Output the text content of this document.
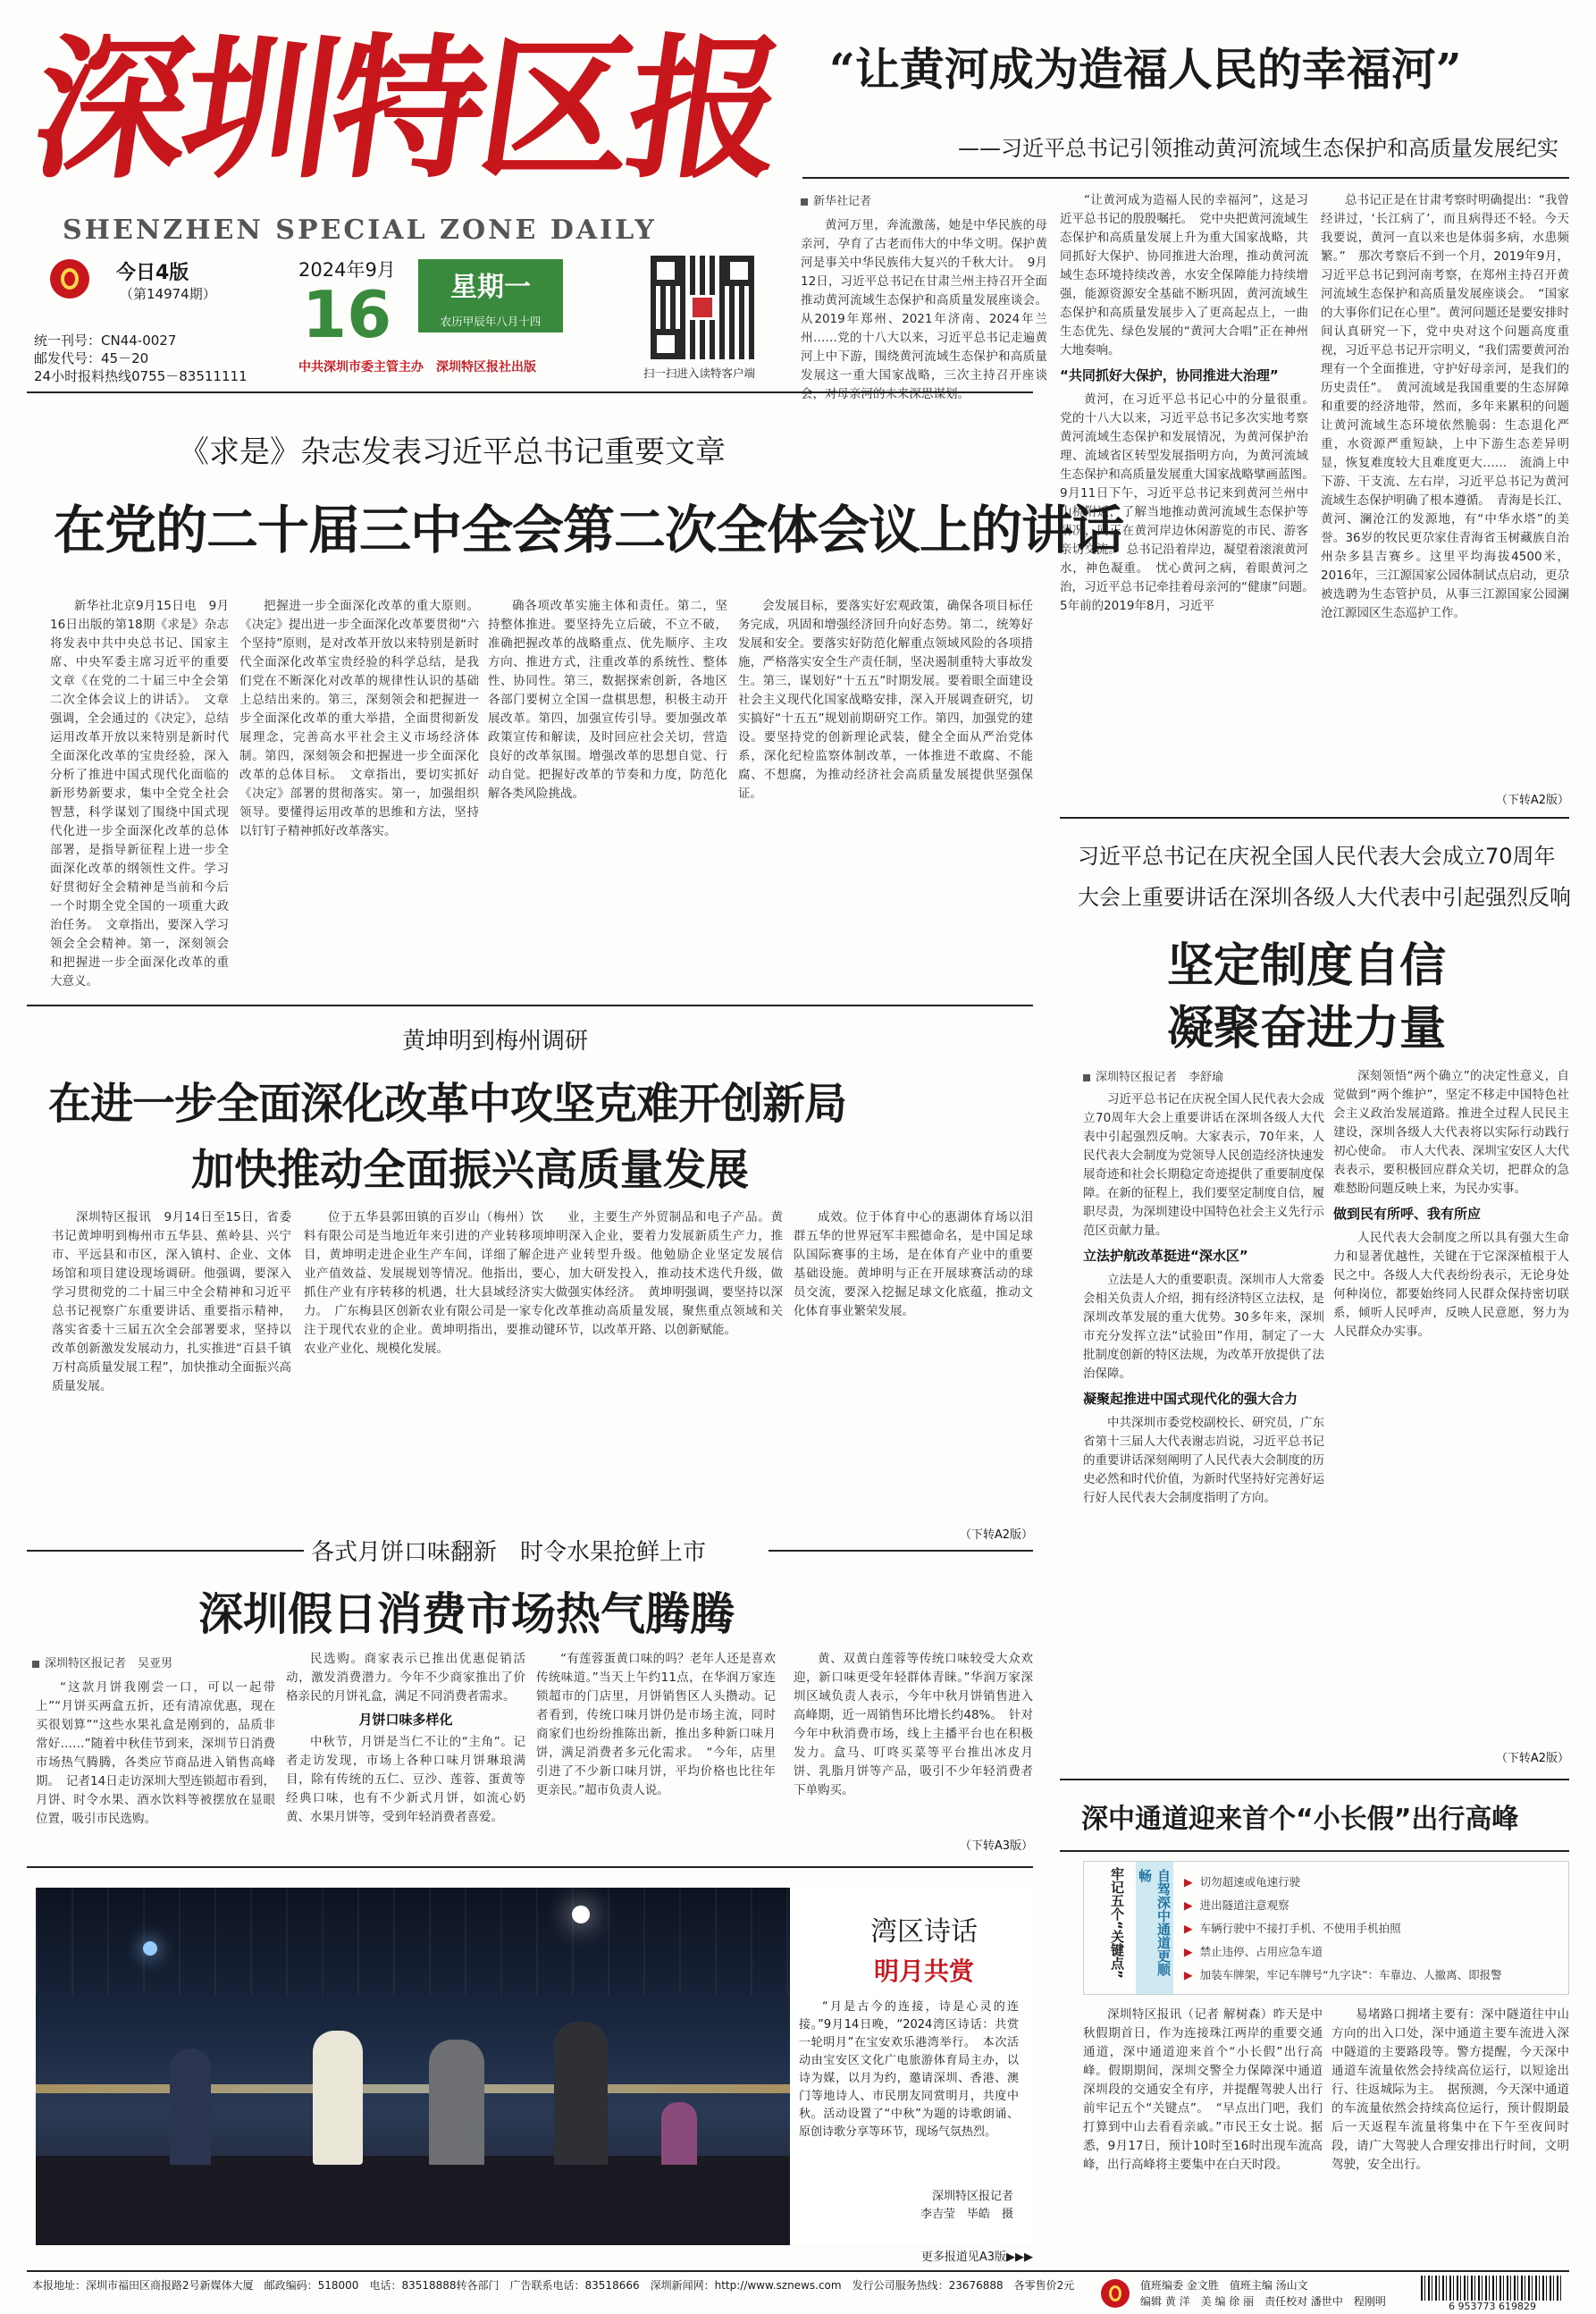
深圳特区报
SHENZHEN SPECIAL ZONE DAILY
今日4版
（第14974期）
统一刊号：CN44-0027
邮发代号：45－20
24小时报料热线0755－83511111
2024年9月
16	星期一
农历甲辰年八月十四
中共深圳市委主管主办　深圳特区报社出版	扫一扫进入读特客户端
“让黄河成为造福人民的幸福河”
——习近平总书记引领推动黄河流域生态保护和高质量发展纪实
新华社记者

黄河万里，奔流激荡，她是中华民族的母亲河，孕育了古老而伟大的中华文明。保护黄河是事关中华民族伟大复兴的千秋大计。　9月12日，习近平总书记在甘肃兰州主持召开全面推动黄河流域生态保护和高质量发展座谈会。从2019年郑州、2021年济南、2024年兰州……党的十八大以来，习近平总书记走遍黄河上中下游，围绕黄河流域生态保护和高质量发展这一重大国家战略，三次主持召开座谈会，对母亲河的未来深思谋划。

“让黄河成为造福人民的幸福河”，这是习近平总书记的殷殷嘱托。　党中央把黄河流域生态保护和高质量发展上升为重大国家战略，共同抓好大保护、协同推进大治理，推动黄河流域生态环境持续改善，水安全保障能力持续增强，能源资源安全基础不断巩固，黄河流域生态保护和高质量发展步入了更高起点上，一曲生态优先、绿色发展的“黄河大合唱”正在神州大地奏响。

“共同抓好大保护，协同推进大治理”

黄河，在习近平总书记心中的分量很重。　党的十八大以来，习近平总书记多次实地考察黄河流域生态保护和发展情况，为黄河保护治理、流域省区转型发展指明方向，为黄河流域生态保护和高质量发展重大国家战略擘画蓝图。　9月11日下午，习近平总书记来到黄河兰州中山桥附近，了解当地推动黄河流域生态保护等情况，同正在黄河岸边休闲游览的市民、游客亲切交流。　总书记沿着岸边，凝望着滚滚黄河水，神色凝重。　忧心黄河之病，着眼黄河之治，习近平总书记牵挂着母亲河的“健康”问题。　5年前的2019年8月，习近平

总书记正是在甘肃考察时明确提出：“我曾经讲过，‘长江病了’，而且病得还不轻。今天我要说，黄河一直以来也是体弱多病，水患频繁。”　那次考察后不到一个月，2019年9月，习近平总书记到河南考察，在郑州主持召开黄河流域生态保护和高质量发展座谈会。　“国家的大事你们记在心里”。黄河问题还是要安排时间认真研究一下，党中央对这个问题高度重视，习近平总书记开宗明义，“我们需要黄河治理有一个全面推进，守护好母亲河，是我们的历史责任”。　黄河流域是我国重要的生态屏障和重要的经济地带，然而，多年来累积的问题让黄河流域生态环境依然脆弱：生态退化严重，水资源严重短缺，上中下游生态差异明显，恢复难度较大且难度更大……　流淌上中下游、干支流、左右岸，习近平总书记为黄河流域生态保护明确了根本遵循。　青海是长江、黄河、澜沧江的发源地，有“中华水塔”的美誉。36岁的牧民更尕家住青海省玉树藏族自治州杂多县吉赛乡。这里平均海拔4500米，2016年，三江源国家公园体制试点启动，更尕被选聘为生态管护员，从事三江源国家公园澜沧江源园区生态巡护工作。

（下转A2版）
《求是》杂志发表习近平总书记重要文章
在党的二十届三中全会第二次全体会议上的讲话

新华社北京9月15日电　9月16日出版的第18期《求是》杂志将发表中共中央总书记、国家主席、中央军委主席习近平的重要文章《在党的二十届三中全会第二次全体会议上的讲话》。　文章强调，全会通过的《决定》，总结运用改革开放以来特别是新时代全面深化改革的宝贵经验，深入分析了推进中国式现代化面临的新形势新要求，集中全党全社会智慧，科学谋划了围绕中国式现代化进一步全面深化改革的总体部署，是指导新征程上进一步全面深化改革的纲领性文件。学习好贯彻好全会精神是当前和今后一个时期全党全国的一项重大政治任务。　文章指出，要深入学习领会全会精神。第一，深刻领会和把握进一步全面深化改革的重大意义。

把握进一步全面深化改革的重大原则。《决定》提出进一步全面深化改革要贯彻“六个坚持”原则，是对改革开放以来特别是新时代全面深化改革宝贵经验的科学总结，是我们党在不断深化对改革的规律性认识的基础上总结出来的。第三，深刻领会和把握进一步全面深化改革的重大举措，全面贯彻新发展理念，完善高水平社会主义市场经济体制。第四，深刻领会和把握进一步全面深化改革的总体目标。　文章指出，要切实抓好《决定》部署的贯彻落实。第一，加强组织领导。要懂得运用改革的思维和方法，坚持以钉钉子精神抓好改革落实。

确各项改革实施主体和责任。第二，坚持整体推进。要坚持先立后破，不立不破，准确把握改革的战略重点、优先顺序、主攻方向、推进方式，注重改革的系统性、整体性、协同性。第三，数据探索创新，各地区各部门要树立全国一盘棋思想，积极主动开展改革。第四，加强宣传引导。要加强改革政策宣传和解读，及时回应社会关切，营造良好的改革氛围。增强改革的思想自觉、行动自觉。把握好改革的节奏和力度，防范化解各类风险挑战。

会发展目标，要落实好宏观政策，确保各项目标任务完成，巩固和增强经济回升向好态势。第二，统筹好发展和安全。要落实好防范化解重点领域风险的各项措施，严格落实安全生产责任制，坚决遏制重特大事故发生。第三，谋划好“十五五”时期发展。要着眼全面建设社会主义现代化国家战略安排，深入开展调查研究，切实搞好“十五五”规划前期研究工作。第四，加强党的建设。要坚持党的创新理论武装，健全全面从严治党体系，深化纪检监察体制改革，一体推进不敢腐、不能腐、不想腐，为推动经济社会高质量发展提供坚强保证。

习近平总书记在庆祝全国人民代表大会成立70周年
大会上重要讲话在深圳各级人大代表中引起强烈反响
坚定制度自信
凝聚奋进力量
深圳特区报记者　李舒瑜

习近平总书记在庆祝全国人民代表大会成立70周年大会上重要讲话在深圳各级人大代表中引起强烈反响。大家表示，70年来，人民代表大会制度为党领导人民创造经济快速发展奇迹和社会长期稳定奇迹提供了重要制度保障。在新的征程上，我们要坚定制度自信，履职尽责，为深圳建设中国特色社会主义先行示范区贡献力量。

立法护航改革挺进“深水区”

立法是人大的重要职责。深圳市人大常委会相关负责人介绍，拥有经济特区立法权，是深圳改革发展的重大优势。30多年来，深圳市充分发挥立法“试验田”作用，制定了一大批制度创新的特区法规，为改革开放提供了法治保障。

凝聚起推进中国式现代化的强大合力

中共深圳市委党校副校长、研究员，广东省第十三届人大代表谢志岿说，习近平总书记的重要讲话深刻阐明了人民代表大会制度的历史必然和时代价值，为新时代坚持好完善好运行好人民代表大会制度指明了方向。

深刻领悟“两个确立”的决定性意义，自觉做到“两个维护”，坚定不移走中国特色社会主义政治发展道路。推进全过程人民民主建设，深圳各级人大代表将以实际行动践行初心使命。　市人大代表、深圳宝安区人大代表表示，要积极回应群众关切，把群众的急难愁盼问题反映上来，为民办实事。

做到民有所呼、我有所应

人民代表大会制度之所以具有强大生命力和显著优越性，关键在于它深深植根于人民之中。各级人大代表纷纷表示，无论身处何种岗位，都要始终同人民群众保持密切联系，倾听人民呼声，反映人民意愿，努力为人民群众办实事。

（下转A2版）
黄坤明到梅州调研
在进一步全面深化改革中攻坚克难开创新局
加快推动全面振兴高质量发展

深圳特区报讯　9月14日至15日，省委书记黄坤明到梅州市五华县、蕉岭县、兴宁市、平远县和市区，深入镇村、企业、文体场馆和项目建设现场调研。他强调，要深入学习贯彻党的二十届三中全会精神和习近平总书记视察广东重要讲话、重要指示精神，落实省委十三届五次全会部署要求，坚持以改革创新激发发展动力，扎实推进“百县千镇万村高质量发展工程”，加快推动全面振兴高质量发展。

位于五华县郭田镇的百岁山（梅州）饮料有限公司是当地近年来引进的产业转移项目，黄坤明走进企业生产车间，详细了解企业产值效益、发展规划等情况。他指出，要抓住产业有序转移的机遇，壮大县域经济实力。　广东梅县区创新农业有限公司是一家专注于现代农业的企业。黄坤明指出，要推动农业产业化、规模化发展。

业，主要生产外贸制品和电子产品。黄坤明深入企业，要着力发展新质生产力，推进产业转型升级。他勉励企业坚定发展信心，加大研发投入，推动技术迭代升级，做大做强实体经济。　黄坤明强调，要坚持以深化改革推动高质量发展，聚焦重点领域和关键环节，以改革开路、以创新赋能。

成效。位于体育中心的惠湖体育场以泪群五华的世界冠军丰熙德命名，是中国足球队国际赛事的主场，是在体育产业中的重要基础设施。黄坤明与正在开展球赛活动的球员交流，要深入挖掘足球文化底蕴，推动文化体育事业繁荣发展。

（下转A2版）
各式月饼口味翻新　时令水果抢鲜上市
深圳假日消费市场热气腾腾
深圳特区报记者　吴亚男

“这款月饼我刚尝一口，可以一起带上”“月饼买两盒五折，还有清凉优惠，现在买很划算”“这些水果礼盒是刚到的，品质非常好……”随着中秋佳节到来，深圳节日消费市场热气腾腾，各类应节商品进入销售高峰期。　记者14日走访深圳大型连锁超市看到，月饼、时令水果、酒水饮料等被摆放在显眼位置，吸引市民选购。

民选购。商家表示已推出优惠促销活动，激发消费潜力。今年不少商家推出了价格亲民的月饼礼盒，满足不同消费者需求。

月饼口味多样化

中秋节，月饼是当仁不让的“主角”。记者走访发现，市场上各种口味月饼琳琅满目，除有传统的五仁、豆沙、莲蓉、蛋黄等经典口味，也有不少新式月饼，如流心奶黄、水果月饼等，受到年轻消费者喜爱。

“有莲蓉蛋黄口味的吗？老年人还是喜欢传统味道。”当天上午约11点，在华润万家连锁超市的门店里，月饼销售区人头攒动。记者看到，传统口味月饼仍是市场主流，同时商家们也纷纷推陈出新，推出多种新口味月饼，满足消费者多元化需求。　“今年，店里引进了不少新口味月饼，平均价格也比往年更亲民。”超市负责人说。

黄、双黄白莲蓉等传统口味较受大众欢迎，新口味更受年轻群体青睐。”华润万家深圳区域负责人表示，今年中秋月饼销售进入高峰期，近一周销售环比增长约48%。　针对今年中秋消费市场，线上主播平台也在积极发力。盒马、叮咚买菜等平台推出冰皮月饼、乳脂月饼等产品，吸引不少年轻消费者下单购买。

（下转A3版）
湾区诗话
明月共赏

“月是古今的连接，诗是心灵的连接。”9月14日晚，“2024湾区诗话：共赏一轮明月”在宝安欢乐港湾举行。　本次活动由宝安区文化广电旅游体育局主办，以诗为媒，以月为约，邀请深圳、香港、澳门等地诗人、市民朋友同赏明月，共度中秋。活动设置了“中秋”为题的诗歌朗诵、原创诗歌分享等环节，现场气氛热烈。

深圳特区报记者
李吉莹　毕皓　摄
更多报道见A3版▶▶▶
深中通道迎来首个“小长假”出行高峰
牢记五个“关键点”	自驾深中通道更顺畅	▶ 切勿超速或龟速行驶
▶ 进出隧道注意观察
▶ 车辆行驶中不接打手机、不使用手机拍照
▶ 禁止违停、占用应急车道
▶ 加装车牌架，牢记车牌号“九字诀”：车靠边、人撤离、即报警

深圳特区报讯（记者 解树森）昨天是中秋假期首日，作为连接珠江两岸的重要交通通道，深中通道迎来首个“小长假”出行高峰。假期期间，深圳交警全力保障深中通道深圳段的交通安全有序，并提醒驾驶人出行前牢记五个“关键点”。　“早点出门吧，我们打算到中山去看看亲戚。”市民王女士说。据悉，9月17日，预计10时至16时出现车流高峰，出行高峰将主要集中在白天时段。

易堵路口拥堵主要有：深中隧道往中山方向的出入口处，深中通道主要车流进入深中隧道的主要路段等。警方提醒，今天深中通道车流量依然会持续高位运行，以短途出行、往返城际为主。　据预测，今天深中通道的车流量依然会持续高位运行，预计假期最后一天返程车流量将集中在下午至夜间时段，请广大驾驶人合理安排出行时间，文明驾驶，安全出行。

本报地址：深圳市福田区商报路2号新媒体大厦　邮政编码：518000　电话：83518888转各部门　广告联系电话：83518666　深圳新闻网：http://www.sznews.com　发行公司服务热线：23676888　各零售价2元	值班编委 金文胜　值班主编 汤山文
编辑 黄 洋　美 编 徐 丽　责任校对 潘世中　程刚明	6 953773 619829
